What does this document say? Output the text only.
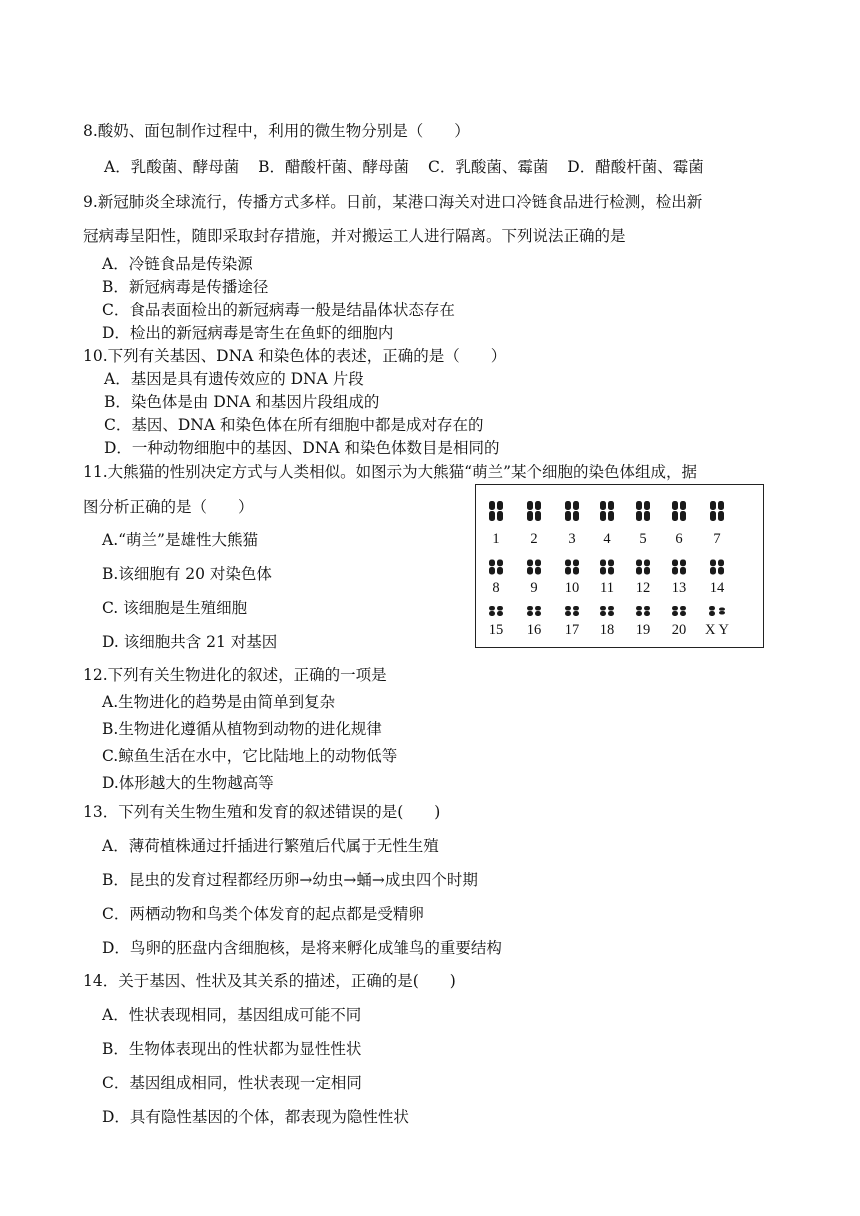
8.酸奶、面包制作过程中，利用的微生物分别是（　　）
A．乳酸菌、酵母菌 B．醋酸杆菌、酵母菌 C．乳酸菌、霉菌 D．醋酸杆菌、霉菌
9.新冠肺炎全球流行，传播方式多样。日前，某港口海关对进口冷链食品进行检测，检出新
冠病毒呈阳性，随即采取封存措施，并对搬运工人进行隔离。下列说法正确的是
A．冷链食品是传染源
B．新冠病毒是传播途径
C．食品表面检出的新冠病毒一般是结晶体状态存在
D．检出的新冠病毒是寄生在鱼虾的细胞内
10.下列有关基因、DNA 和染色体的表述，正确的是（　　）
A．基因是具有遗传效应的 DNA 片段
B．染色体是由 DNA 和基因片段组成的
C．基因、DNA 和染色体在所有细胞中都是成对存在的
D．一种动物细胞中的基因、DNA 和染色体数目是相同的
11.大熊猫的性别决定方式与人类相似。如图示为大熊猫“萌兰”某个细胞的染色体组成，据
图分析正确的是（　　）
A.“萌兰”是雄性大熊猫
B.该细胞有 20 对染色体
C. 该细胞是生殖细胞
D. 该细胞共含 21 对基因
1 2 3 4 5 6 7
8 9 10 11 12 13 14
15 16 17 18 19 20 X Y
12.下列有关生物进化的叙述，正确的一项是
A.生物进化的趋势是由简单到复杂
B.生物进化遵循从植物到动物的进化规律
C.鲸鱼生活在水中，它比陆地上的动物低等
D.体形越大的生物越高等
13．下列有关生物生殖和发育的叙述错误的是(　　)
A．薄荷植株通过扦插进行繁殖后代属于无性生殖
B．昆虫的发育过程都经历卵→幼虫→蛹→成虫四个时期
C．两栖动物和鸟类个体发育的起点都是受精卵
D．鸟卵的胚盘内含细胞核，是将来孵化成雏鸟的重要结构
14．关于基因、性状及其关系的描述，正确的是(　　)
A．性状表现相同，基因组成可能不同
B．生物体表现出的性状都为显性性状
C．基因组成相同，性状表现一定相同
D．具有隐性基因的个体，都表现为隐性性状
